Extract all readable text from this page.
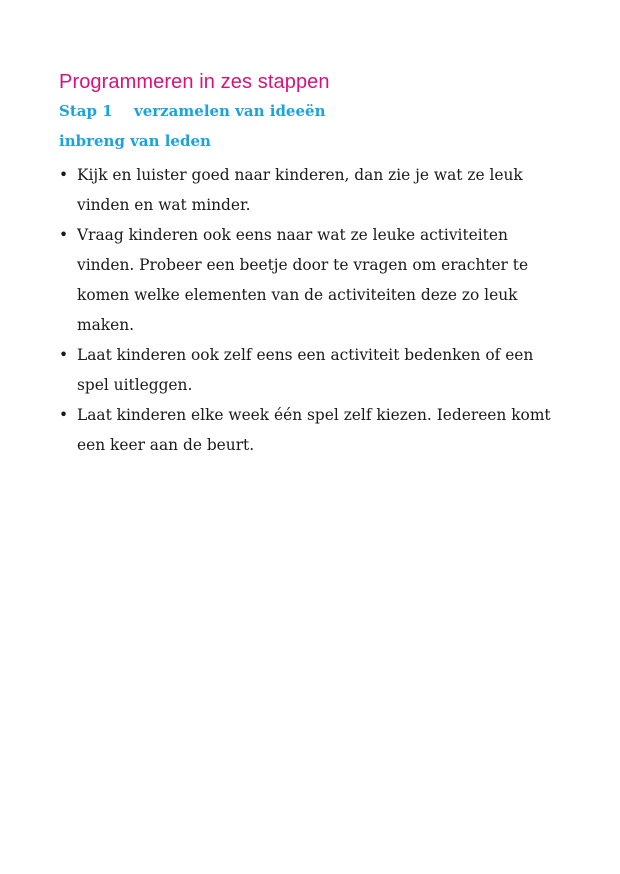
Programmeren in zes stappen
Stap 1	verzamelen van ideeën
inbreng van leden
• Kijk en luister goed naar kinderen, dan zie je wat ze leuk vinden en wat minder.
• Vraag kinderen ook eens naar wat ze leuke activiteiten vinden. Probeer een beetje door te vragen om erachter te komen welke elementen van de activiteiten deze zo leuk maken.
• Laat kinderen ook zelf eens een activiteit bedenken of een spel uitleggen.
• Laat kinderen elke week één spel zelf kiezen. Iedereen komt een keer aan de beurt.
